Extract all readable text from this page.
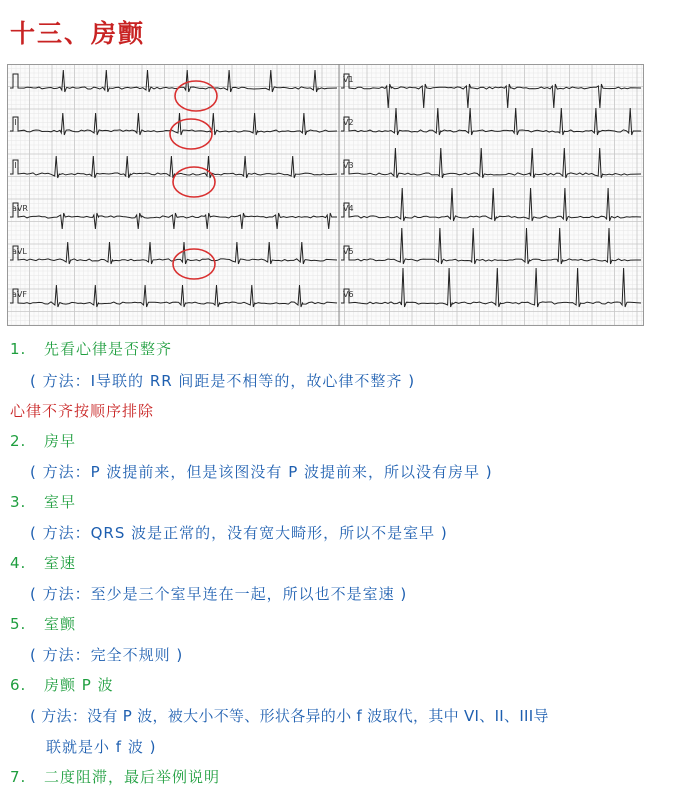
十三、房颤
I
II
III
aVR
aVL
aVF
V1
V2
V3
V4
V5
V6
1. 先看心律是否整齐
( 方法：I导联的 RR 间距是不相等的，故心律不整齐 )
心律不齐按顺序排除
2. 房早
( 方法：P 波提前来，但是该图没有 P 波提前来，所以没有房早 )
3. 室早
( 方法：QRS 波是正常的，没有宽大畸形，所以不是室早 )
4. 室速
( 方法：至少是三个室早连在一起，所以也不是室速 )
5. 室颤
( 方法：完全不规则 )
6. 房颤 P 波
( 方法：没有 P 波，被大小不等、形状各异的小 f 波取代，其中 VI、II、III导
联就是小 f 波 )
7. 二度阻滞，最后举例说明
